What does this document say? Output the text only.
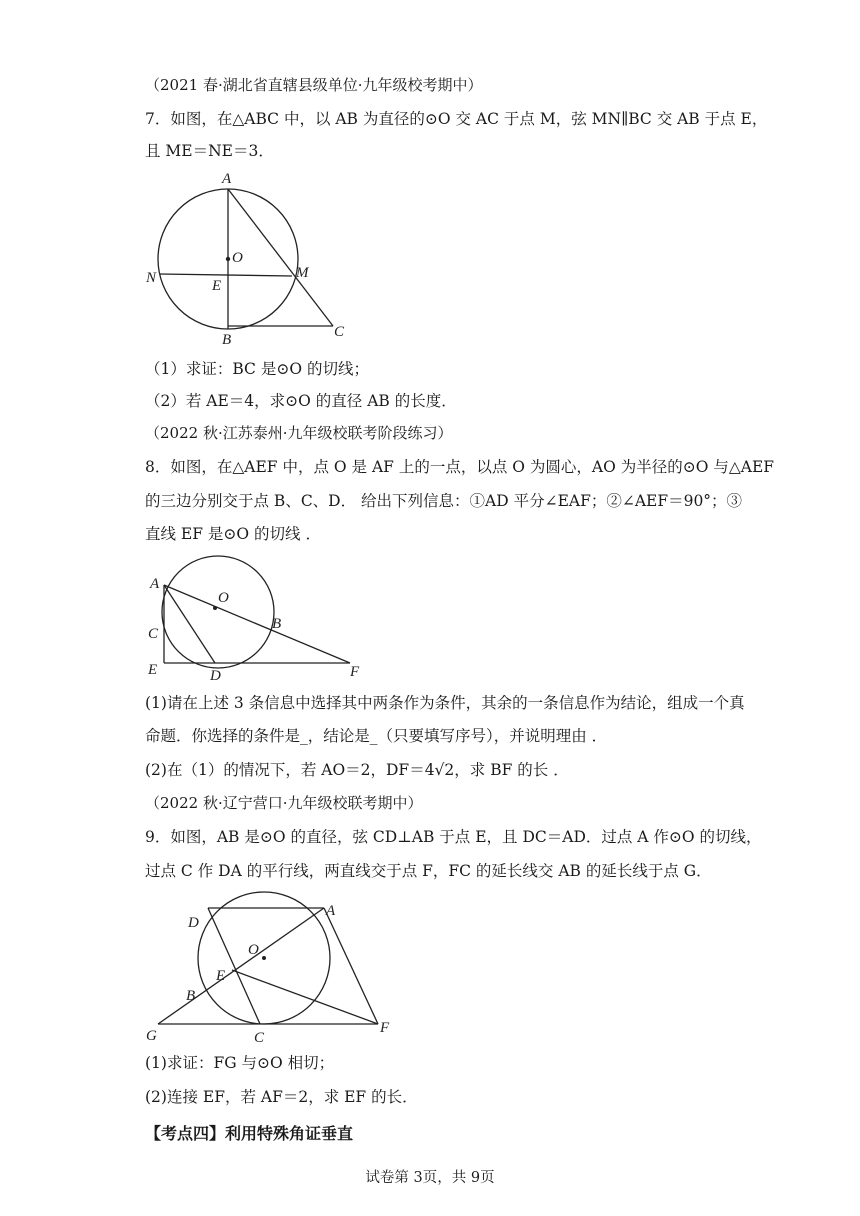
（2021 春·湖北省直辖县级单位·九年级校考期中）
7．如图，在△ABC 中，以 AB 为直径的⊙O 交 AC 于点 M，弦 MN∥BC 交 AB 于点 E，
且 ME＝NE＝3．
A
O
N	E
M
B	C
（1）求证：BC 是⊙O 的切线；
（2）若 AE＝4，求⊙O 的直径 AB 的长度．
（2022 秋·江苏泰州·九年级校联考阶段练习）
8．如图，在△AEF 中，点 O 是 AF 上的一点，以点 O 为圆心，AO 为半径的⊙O 与△AEF
的三边分别交于点 B、C、D． 给出下列信息：①AD 平分∠EAF；②∠AEF＝90°；③
直线 EF 是⊙O 的切线 ．
A
O
B
C
E	D	F
(1)请在上述 3 条信息中选择其中两条作为条件，其余的一条信息作为结论，组成一个真
命题．你选择的条件是_，结论是_（只要填写序号），并说明理由 ．
(2)在（1）的情况下，若 AO＝2，DF＝4√2，求 BF 的长 ．
（2022 秋·辽宁营口·九年级校联考期中）
9．如图，AB 是⊙O 的直径，弦 CD⊥AB 于点 E，且 DC＝AD．过点 A 作⊙O 的切线，
过点 C 作 DA 的平行线，两直线交于点 F，FC 的延长线交 AB 的延长线于点 G．
D
A
O
E
B
G	C
F
(1)求证：FG 与⊙O 相切；
(2)连接 EF，若 AF＝2，求 EF 的长．
【考点四】利用特殊角证垂直
试卷第 3页，共 9页
